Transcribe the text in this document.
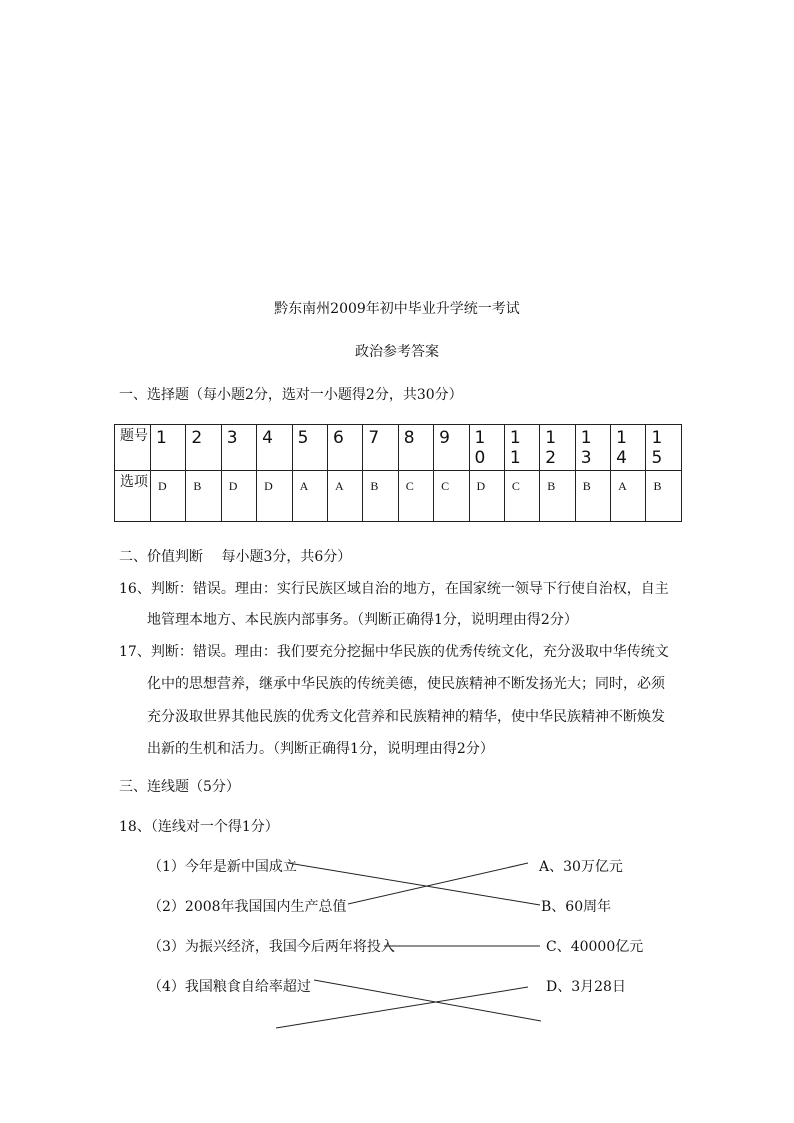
黔东南州2009年初中毕业升学统一考试
政治参考答案
一、选择题（每小题2分，选对一小题得2分，共30分）
题号	1	2	3	4	5	6	7	8	9	10	11	12	13	14	15
选项	D	B	D	D	A	A	B	C	C	D	C	B	B	A	B
二、价值判断　 每小题3分，共6分）
16、判断：错误。理由：实行民族区域自治的地方，在国家统一领导下行使自治权，自主
地管理本地方、本民族内部事务。（判断正确得1分，说明理由得2分）
17、判断：错误。理由：我们要充分挖掘中华民族的优秀传统文化，充分汲取中华传统文
化中的思想营养，继承中华民族的传统美德，使民族精神不断发扬光大；同时，必须
充分汲取世界其他民族的优秀文化营养和民族精神的精华，使中华民族精神不断焕发
出新的生机和活力。（判断正确得1分，说明理由得2分）
三、连线题（5分）
18、（连线对一个得1分）
（1）今年是新中国成立
（2）2008年我国国内生产总值
（3）为振兴经济，我国今后两年将投入
（4）我国粮食自给率超过
A、30万亿元
B、60周年
C、40000亿元
D、3月28日
